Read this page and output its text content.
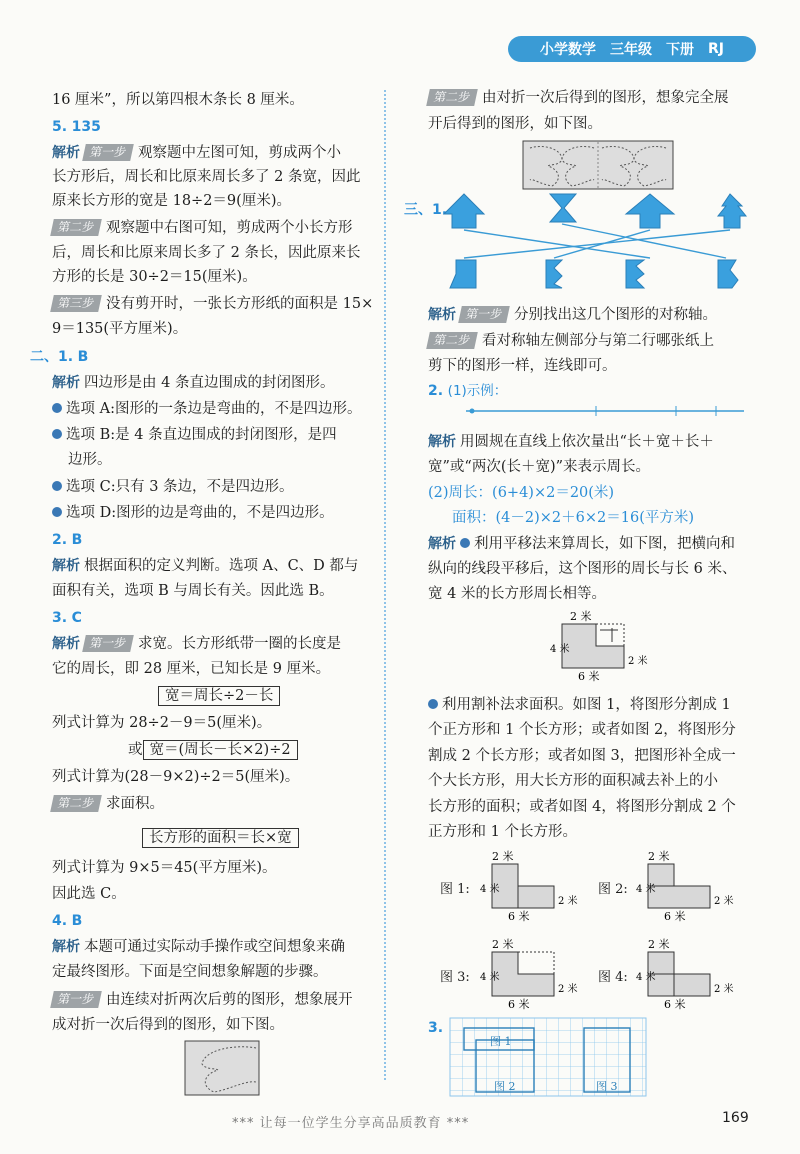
小学数学 三年级 下册 RJ
16 厘米”，所以第四根木条长 8 厘米。
5. 135
解析 第一步 观察题中左图可知，剪成两个小
长方形后，周长和比原来周长多了 2 条宽，因此
原来长方形的宽是 18÷2＝9(厘米)。
第二步 观察题中右图可知，剪成两个小长方形
后，周长和比原来周长多了 2 条长，因此原来长
方形的长是 30÷2＝15(厘米)。
第三步 没有剪开时，一张长方形纸的面积是 15×
9＝135(平方厘米)。
二、1. B
解析 四边形是由 4 条直边围成的封闭图形。
选项 A:图形的一条边是弯曲的，不是四边形。
选项 B:是 4 条直边围成的封闭图形，是四
边形。
选项 C:只有 3 条边，不是四边形。
选项 D:图形的边是弯曲的，不是四边形。
2. B
解析 根据面积的定义判断。选项 A、C、D 都与
面积有关，选项 B 与周长有关。因此选 B。
3. C
解析 第一步 求宽。长方形纸带一圈的长度是
它的周长，即 28 厘米，已知长是 9 厘米。
宽＝周长÷2－长
列式计算为 28÷2－9＝5(厘米)。
或 宽＝(周长－长×2)÷2
列式计算为(28－9×2)÷2＝5(厘米)。
第二步 求面积。
长方形的面积＝长×宽
列式计算为 9×5＝45(平方厘米)。
因此选 C。
4. B
解析 本题可通过实际动手操作或空间想象来确
定最终图形。下面是空间想象解题的步骤。
第一步 由连续对折两次后剪的图形，想象展开
成对折一次后得到的图形，如下图。
第二步 由对折一次后得到的图形，想象完全展
开后得到的图形，如下图。
三、1.
解析 第一步 分别找出这几个图形的对称轴。
第二步 看对称轴左侧部分与第二行哪张纸上
剪下的图形一样，连线即可。
2. (1)示例：
解析 用圆规在直线上依次量出“长＋宽＋长＋
宽”或“两次(长＋宽)”来表示周长。
(2)周长：(6+4)×2＝20(米)
面积：(4－2)×2＋6×2＝16(平方米)
解析 利用平移法来算周长，如下图，把横向和
纵向的线段平移后，这个图形的周长与长 6 米、
宽 4 米的长方形周长相等。
2 米
6 米
4 米
2 米
利用割补法求面积。如图 1，将图形分割成 1
个正方形和 1 个长方形；或者如图 2，将图形分
割成 2 个长方形；或者如图 3，把图形补全成一
个大长方形，用大长方形的面积减去补上的小
长方形的面积；或者如图 4，将图形分割成 2 个
正方形和 1 个长方形。
图 1:
2 米
6 米
4 米
2 米
图 2:
2 米
6 米
4 米
2 米
图 3:
2 米
6 米
4 米
2 米
图 4:
2 米
6 米
4 米
2 米
3.
图 1
图 2	图 3
*** 让每一位学生分享高品质教育 ***	169
